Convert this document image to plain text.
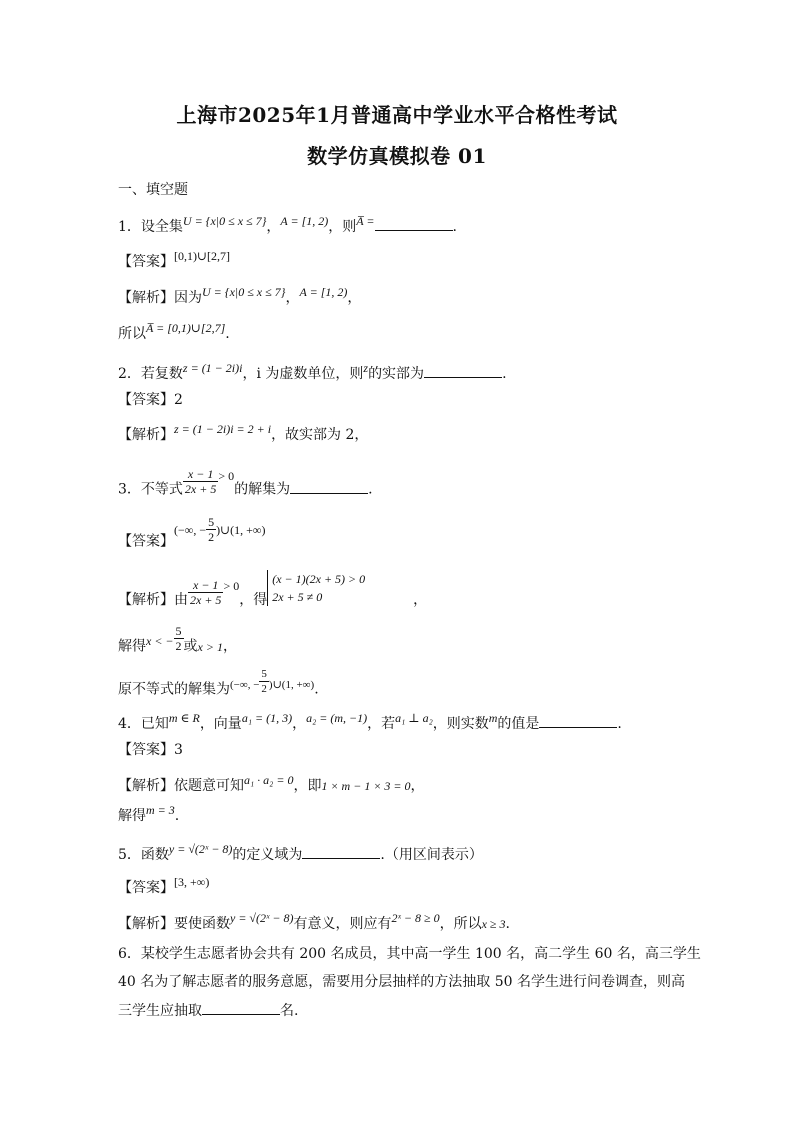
上海市2025年1月普通高中学业水平合格性考试
数学仿真模拟卷 01
一、填空题
1．设全集U = {x|0 ≤ x ≤ 7}，A = [1, 2)，则A̅ =	.
【答案】[0,1)∪[2,7]
【解析】因为U = {x|0 ≤ x ≤ 7}，A = [1, 2)，
所以A̅ = [0,1)∪[2,7].
2．若复数z = (1 − 2i)i，i 为虚数单位，则z的实部为	.
【答案】2
【解析】z = (1 − 2i)i = 2 + i，故实部为 2，
3．不等式 $\frac{x - 1}{2x + 5} > 0$的解集为	.
【答案】(−∞, − $\frac{5}{2}$ )∪(1, +∞)
【解析】由 $\frac{x - 1}{2x + 5} > 0$，得
(x − 1)(2x + 5) > 0
2x + 5 ≠ 0	，
解得x < − $\frac{5}{2}$ 或x > 1，
原不等式的解集为$^{(-\infty, -} \frac{5}{2} ^{)\cup(1, +\infty)}$.
4．已知m ∈ R，向量a₁ = (1, 3)，a₂ = (m, −1)，若a₁ ⊥ a₂，则实数m的值是	.
【答案】3
【解析】依题意可知a₁ · a₂ = 0，即1 × m − 1 × 3 = 0，
解得m = 3.
5．函数y = √(2ˣ − 8)的定义域为	.（用区间表示）
【答案】[3, +∞)
【解析】要使函数y = √(2ˣ − 8)有意义，则应有2ˣ − 8 ≥ 0，所以x ≥ 3.
6．某校学生志愿者协会共有 200 名成员，其中高一学生 100 名，高二学生 60 名，高三学生
40 名为了解志愿者的服务意愿，需要用分层抽样的方法抽取 50 名学生进行问卷调查，则高
三学生应抽取	名.
